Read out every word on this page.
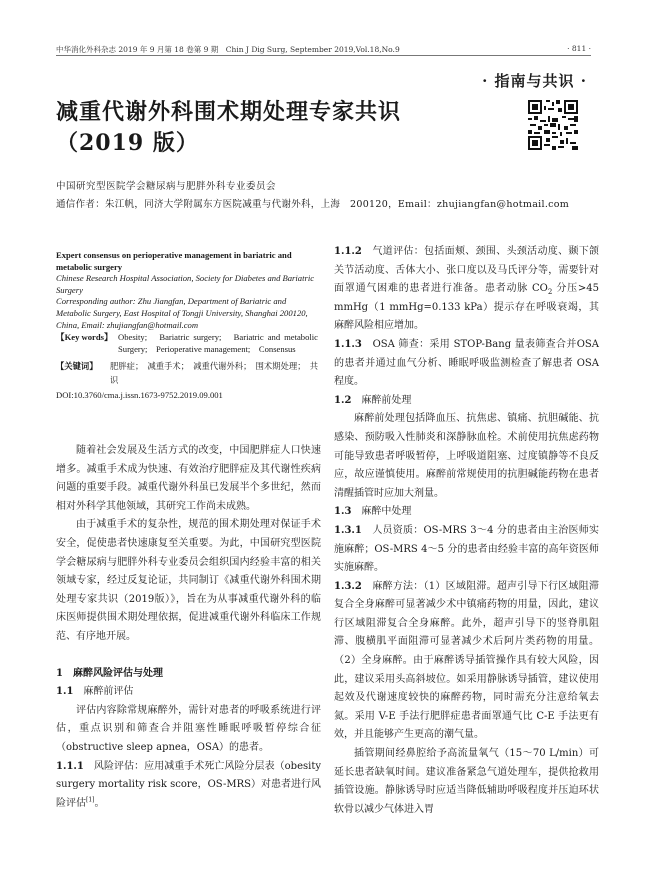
中华消化外科杂志 2019 年 9 月第 18 卷第 9 期　Chin J Dig Surg, September 2019,Vol.18,No.9	· 811 ·
· 指南与共识 ·
减重代谢外科围术期处理专家共识
（2019 版）
中国研究型医院学会糖尿病与肥胖外科专业委员会
通信作者：朱江帆，同济大学附属东方医院减重与代谢外科，上海　200120，Email：zhujiangfan@hotmail.com
Expert consensus on perioperative management in bariatric and metabolic surgery
Chinese Research Hospital Association, Society for Diabetes and Bariatric Surgery
Corresponding author: Zhu Jiangfan, Department of Bariatric and Metabolic Surgery, East Hospital of Tongji University, Shanghai 200120, China, Email: zhujiangfan@hotmail.com
【Key words】 Obesity;　Bariatric surgery;　Bariatric and metabolic Surgery;　Perioperative management;　Consensus
【关键词】	肥胖症；　减重手术；　减重代谢外科；　围术期处理；　共识
DOI:10.3760/cma.j.issn.1673-9752.2019.09.001

随着社会发展及生活方式的改变，中国肥胖症人口快速增多。减重手术成为快速、有效治疗肥胖症及其代谢性疾病问题的重要手段。减重代谢外科虽已发展半个多世纪，然而相对外科学其他领域，其研究工作尚未成熟。

由于减重手术的复杂性，规范的围术期处理对保证手术安全，促使患者快速康复至关重要。为此，中国研究型医院学会糖尿病与肥胖外科专业委员会组织国内经验丰富的相关领域专家，经过反复论证，共同制订《减重代谢外科围术期处理专家共识（2019版）》，旨在为从事减重代谢外科的临床医师提供围术期处理依据，促进减重代谢外科临床工作规范、有序地开展。

1　 麻醉风险评估与处理

1.1　 麻醉前评估

评估内容除常规麻醉外，需针对患者的呼吸系统进行评估，重点识别和筛查合并阻塞性睡眠呼吸暂停综合征（obstructive sleep apnea，OSA）的患者。

1.1.1　 风险评估：应用减重手术死亡风险分层表（obesity surgery mortality risk score，OS-MRS）对患者进行风险评估[1]。

1.1.2　 气道评估：包括面颊、颈围、头颈活动度、颞下颌关节活动度、舌体大小、张口度以及马氏评分等，需要针对面罩通气困难的患者进行准备。患者动脉 $CO_2$ 分压>45 mmHg（1 mmHg=0.133 kPa）提示存在呼吸衰竭，其麻醉风险相应增加。

1.1.3　 OSA 筛查：采用 STOP-Bang 量表筛查合并OSA 的患者并通过血气分析、睡眠呼吸监测检查了解患者 OSA 程度。

1.2　 麻醉前处理

麻醉前处理包括降血压、抗焦虑、镇痛、抗胆碱能、抗感染、预防吸入性肺炎和深静脉血栓。术前使用抗焦虑药物可能导致患者呼吸暂停，上呼吸道阻塞、过度镇静等不良反应，故应谨慎使用。麻醉前常规使用的抗胆碱能药物在患者清醒插管时应加大剂量。

1.3　 麻醉中处理

1.3.1　 人员资质：OS-MRS 3～4 分的患者由主治医师实施麻醉；OS-MRS 4～5 分的患者由经验丰富的高年资医师实施麻醉。

1.3.2　 麻醉方法：（1）区域阻滞。超声引导下行区域阻滞复合全身麻醉可显著减少术中镇痛药物的用量，因此，建议行区域阻滞复合全身麻醉。此外，超声引导下的竖脊肌阻滞、腹横肌平面阻滞可显著减少术后阿片类药物的用量。（2）全身麻醉。由于麻醉诱导插管操作具有较大风险，因此，建议采用头高斜坡位。如采用静脉诱导插管，建议使用起效及代谢速度较快的麻醉药物，同时需充分注意给氧去氮。采用 V-E 手法行肥胖症患者面罩通气比 C-E 手法更有效，并且能够产生更高的潮气量。

插管期间经鼻腔给予高流量氧气（15～70 L/min）可延长患者缺氧时间。建议准备紧急气道处理车，提供抢救用插管设施。静脉诱导时应适当降低辅助呼吸程度并压迫环状软骨以减少气体进入胃
